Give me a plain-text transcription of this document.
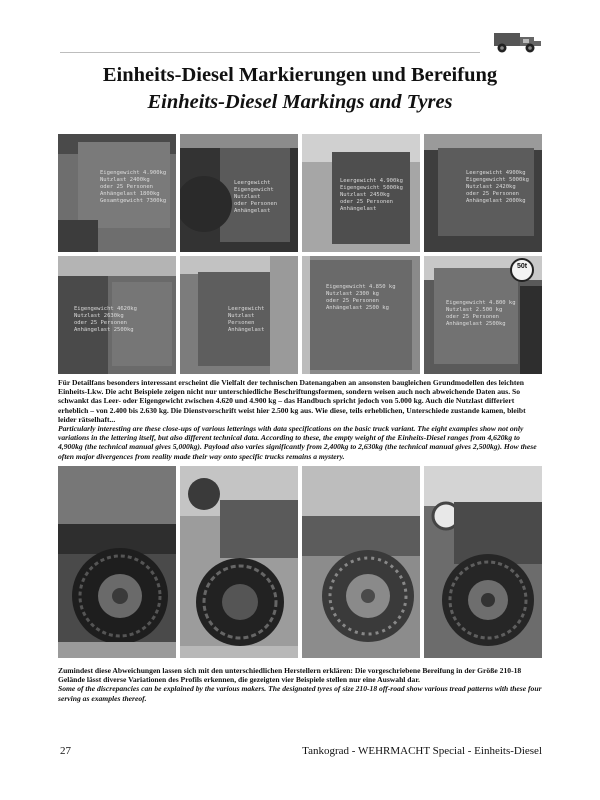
Einheits-Diesel Markierungen und Bereifung
Einheits-Diesel Markings and Tyres

Eigengewicht 4.900kg
Nutzlast 2400kg
oder 25 Personen
Anhängelast 1800kg
Gesamtgewicht 7300kg

Leergewicht
Eigengewicht
Nutzlast
oder Personen
Anhängelast

Leergewicht 4.900kg
Eigengewicht 5000kg
Nutzlast 2450kg
oder 25 Personen
Anhängelast

Leergewicht 4900kg
Eigengewicht 5000kg
Nutzlast 2420kg
oder 25 Personen
Anhängelast 2000kg

Eigengewicht 4620kg
Nutzlast 2630kg
oder 25 Personen
Anhängelast 2500kg

Leergewicht
Nutzlast
Personen
Anhängelast

Eigengewicht 4.850 kg
Nutzlast 2300 kg
oder 25 Personen
Anhängelast 2500 kg

Eigengewicht 4.800 kg
Nutzlast 2.500 kg
oder 25 Personen
Anhängelast 2500kg

50t

Für Detailfans besonders interessant erscheint die Vielfalt der technischen Datenangaben an ansonsten baugleichen Grundmodellen des leichten Einheits-Lkw. Die acht Beispiele zeigen nicht nur unterschiedliche Beschriftungsformen, sondern weisen auch noch abweichende Daten aus. So schwankt das Leer- oder Eigengewicht zwischen 4.620 und 4.900 kg – das Handbuch spricht jedoch von 5.000 kg. Auch die Nutzlast differiert erheblich – von 2.400 bis 2.630 kg. Die Dienstvorschrift weist hier 2.500 kg aus. Wie diese, teils erheblichen, Unterschiede zustande kamen, bleibt leider rätselhaft...

Particularly interesting are these close-ups of various letterings with data specifications on the basic truck variant. The eight examples show not only variations in the lettering itself, but also different technical data. According to these, the empty weight of the Einheits-Diesel ranges from 4,620kg to 4,900kg (the technical manual gives 5,000kg). Payload also varies significantly from 2,400kg to 2,630kg (the technical manual gives 2,500kg). How these often major divergences from reality made their way onto specific trucks remains a mystery.

Zumindest diese Abweichungen lassen sich mit den unterschiedlichen Herstellern erklären: Die vorgeschriebene Bereifung in der Größe 210-18 Gelände lässt diverse Variationen des Profils erkennen, die gezeigten vier Beispiele stellen nur eine Auswahl dar.

Some of the discrepancies can be explained by the various makers. The designated tyres of size 210-18 off-road show various tread patterns with these four serving as examples thereof.

27	Tankograd - WEHRMACHT Special - Einheits-Diesel
